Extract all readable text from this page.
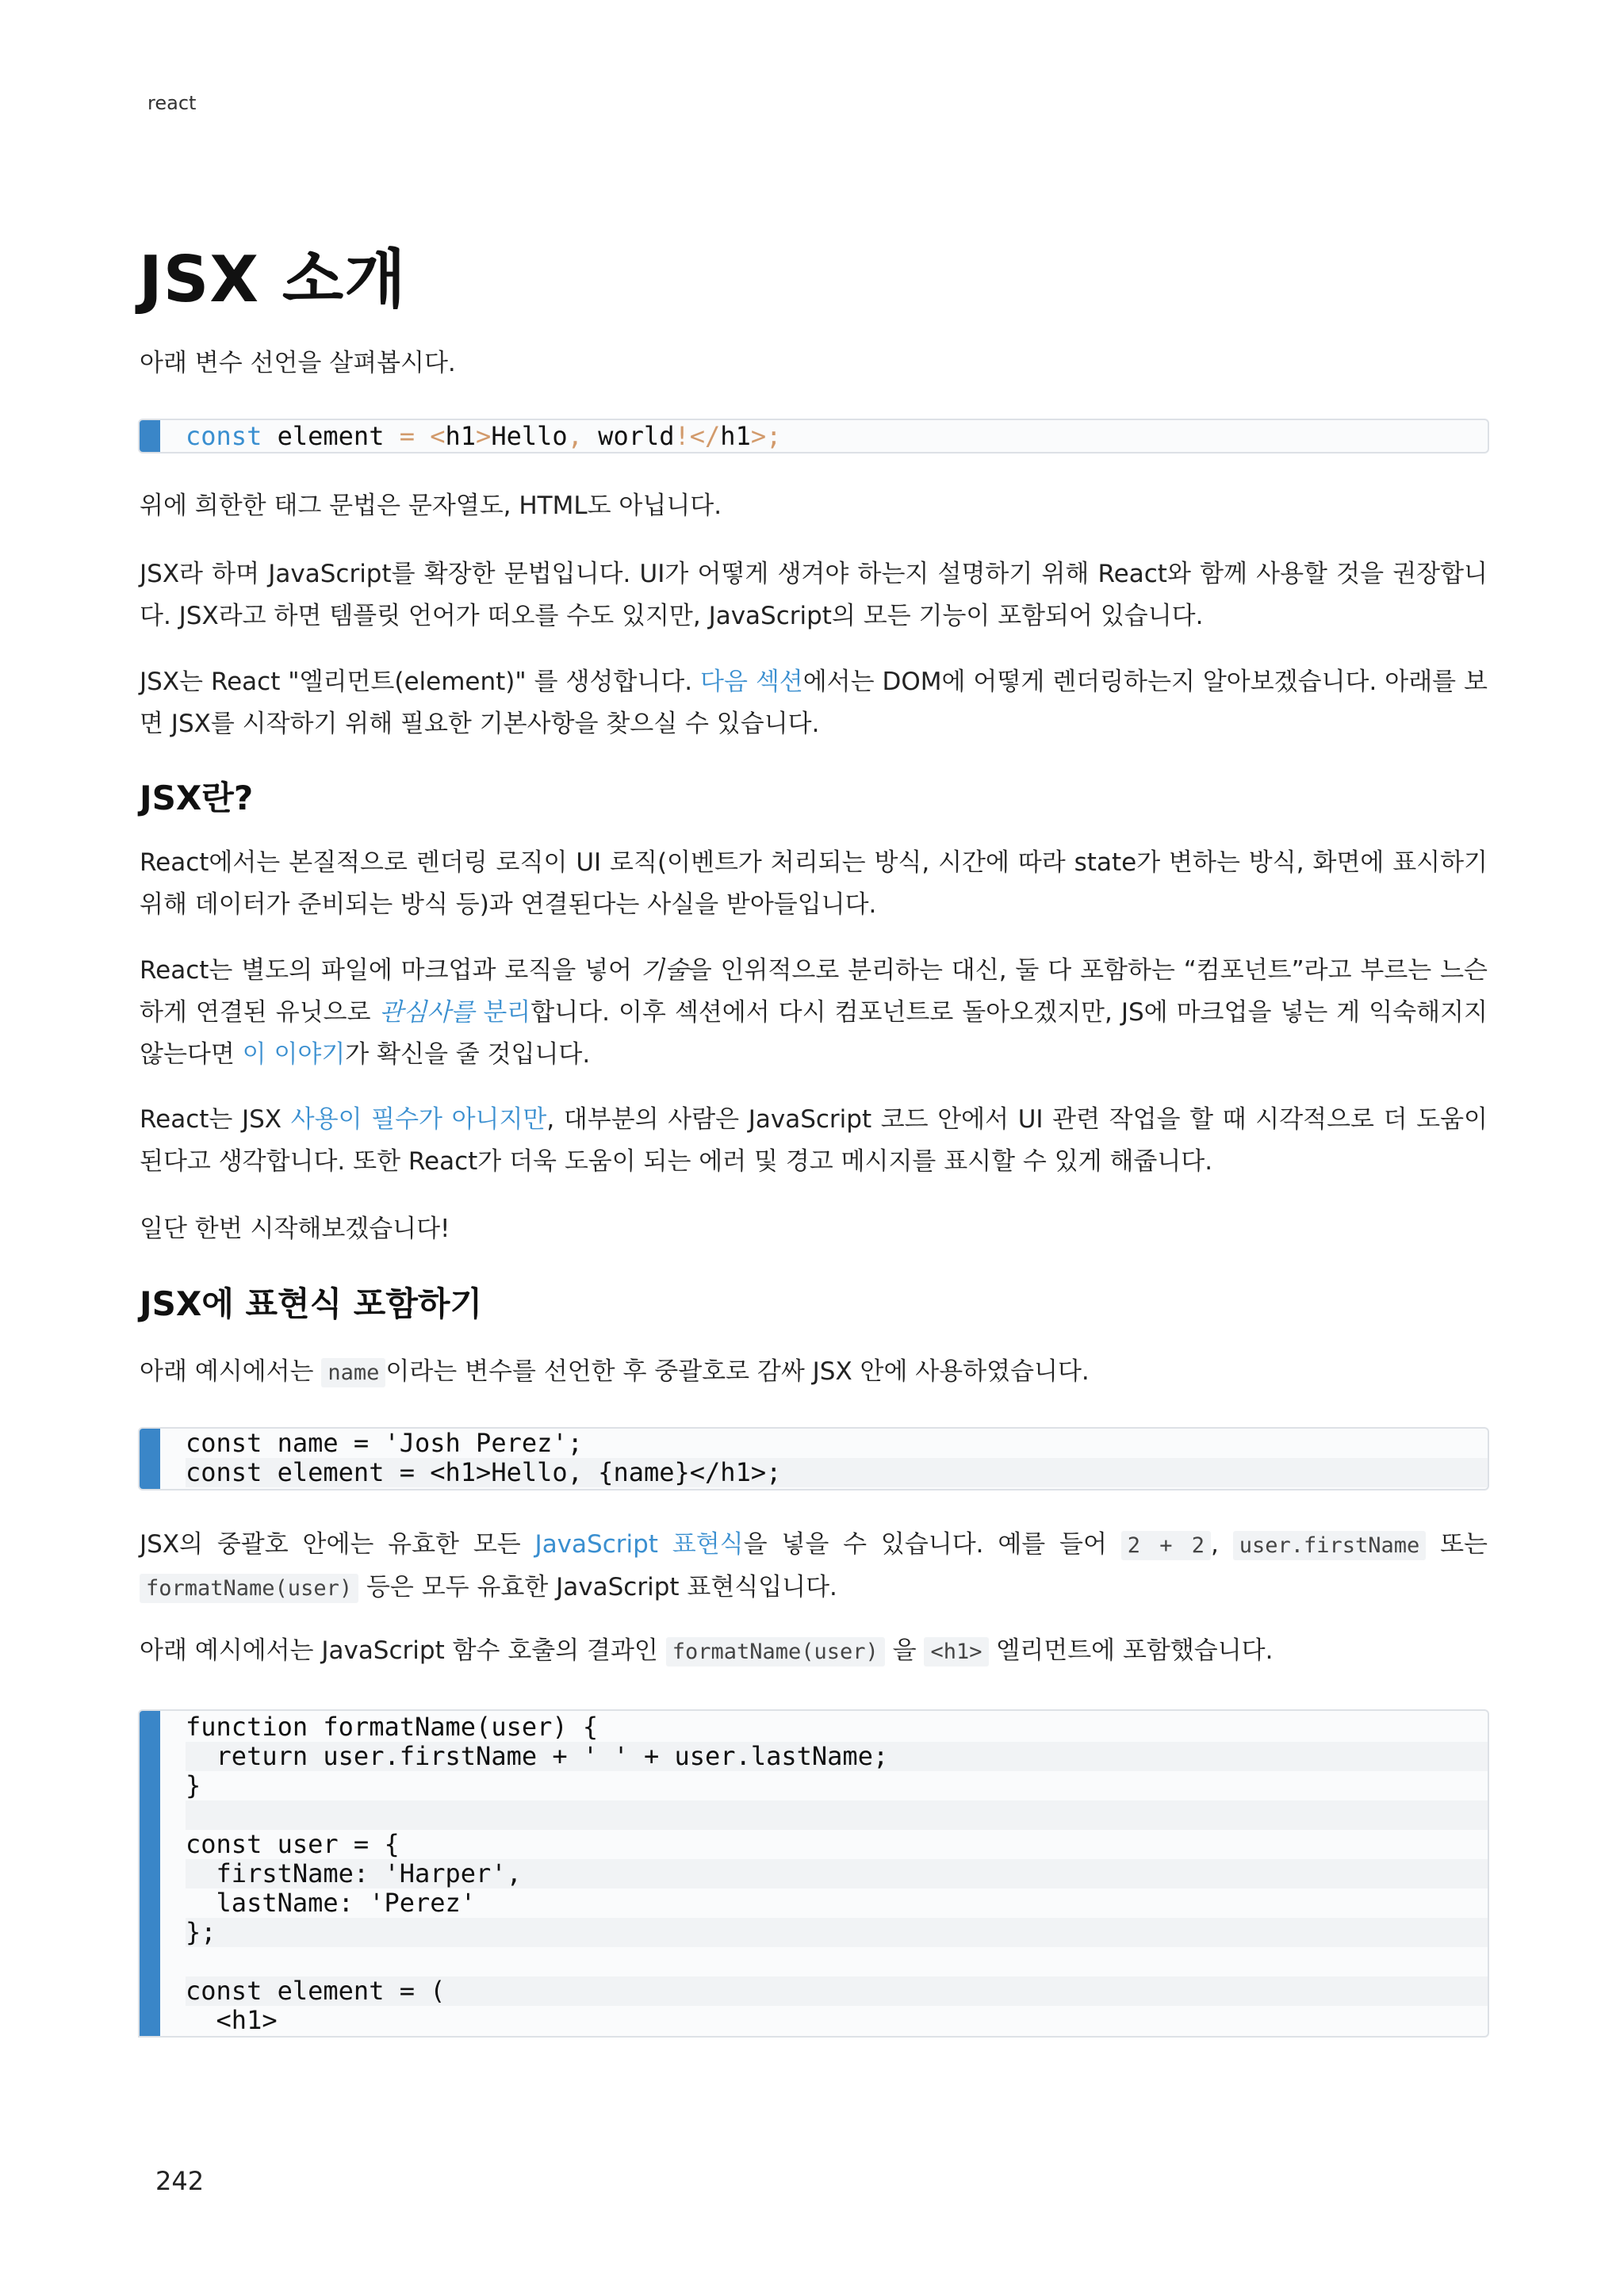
react
JSX 소개
아래 변수 선언을 살펴봅시다.
const element = <h1>Hello, world!</h1>;
위에 희한한 태그 문법은 문자열도, HTML도 아닙니다.
JSX라 하며 JavaScript를 확장한 문법입니다. UI가 어떻게 생겨야 하는지 설명하기 위해 React와 함께 사용할 것을 권장합니다. JSX라고 하면 템플릿 언어가 떠오를 수도 있지만, JavaScript의 모든 기능이 포함되어 있습니다.
JSX는 React "엘리먼트(element)" 를 생성합니다. 다음 섹션에서는 DOM에 어떻게 렌더링하는지 알아보겠습니다. 아래를 보면 JSX를 시작하기 위해 필요한 기본사항을 찾으실 수 있습니다.
JSX란?
React에서는 본질적으로 렌더링 로직이 UI 로직(이벤트가 처리되는 방식, 시간에 따라 state가 변하는 방식, 화면에 표시하기 위해 데이터가 준비되는 방식 등)과 연결된다는 사실을 받아들입니다.
React는 별도의 파일에 마크업과 로직을 넣어 기술을 인위적으로 분리하는 대신, 둘 다 포함하는 “컴포넌트”라고 부르는 느슨하게 연결된 유닛으로 관심사를 분리합니다. 이후 섹션에서 다시 컴포넌트로 돌아오겠지만, JS에 마크업을 넣는 게 익숙해지지 않는다면 이 이야기가 확신을 줄 것입니다.
React는 JSX 사용이 필수가 아니지만, 대부분의 사람은 JavaScript 코드 안에서 UI 관련 작업을 할 때 시각적으로 더 도움이 된다고 생각합니다. 또한 React가 더욱 도움이 되는 에러 및 경고 메시지를 표시할 수 있게 해줍니다.
일단 한번 시작해보겠습니다!
JSX에 표현식 포함하기
아래 예시에서는 name 이라는 변수를 선언한 후 중괄호로 감싸 JSX 안에 사용하였습니다.
const name = 'Josh Perez';
const element = <h1>Hello, {name}</h1>;
JSX의 중괄호 안에는 유효한 모든 JavaScript 표현식을 넣을 수 있습니다. 예를 들어 2 + 2 , user.firstName 또는 formatName(user) 등은 모두 유효한 JavaScript 표현식입니다.
아래 예시에서는 JavaScript 함수 호출의 결과인 formatName(user) 을 <h1> 엘리먼트에 포함했습니다.
function formatName(user) {
return user.firstName + ' ' + user.lastName;
}
const user = {
firstName: 'Harper',
lastName: 'Perez'
};
const element = (
<h1>
242
